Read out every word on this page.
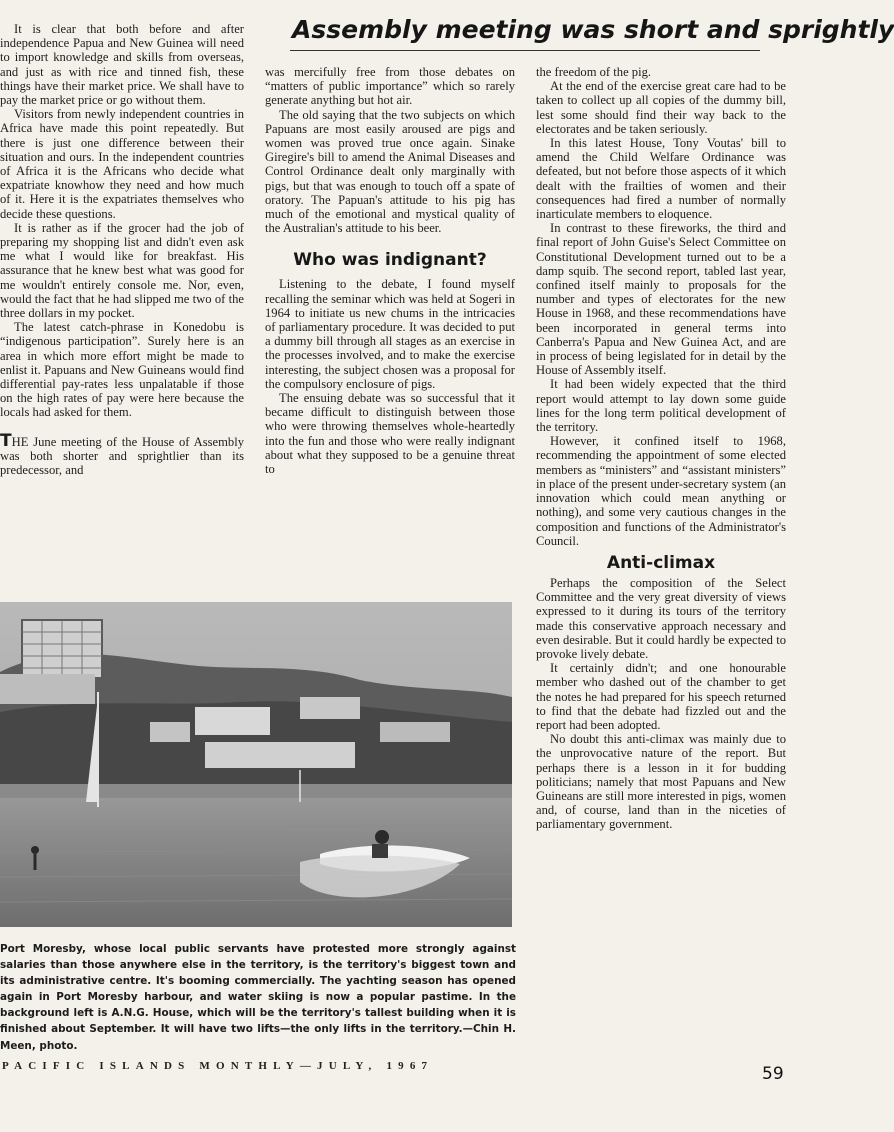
Assembly meeting was short and sprightly

It is clear that both before and after independence Papua and New Guinea will need to import knowledge and skills from overseas, and just as with rice and tinned fish, these things have their market price. We shall have to pay the market price or go without them.

Visitors from newly independent countries in Africa have made this point repeatedly. But there is just one difference between their situation and ours. In the independent countries of Africa it is the Africans who decide what expatriate knowhow they need and how much of it. Here it is the expatriates themselves who decide these questions.

It is rather as if the grocer had the job of preparing my shopping list and didn't even ask me what I would like for breakfast. His assurance that he knew best what was good for me wouldn't entirely console me. Nor, even, would the fact that he had slipped me two of the three dollars in my pocket.

The latest catch-phrase in Konedobu is “indigenous participation”. Surely here is an area in which more effort might be made to enlist it. Papuans and New Guineans would find differential pay-rates less unpalatable if those on the high rates of pay were here because the locals had asked for them.

THE June meeting of the House of Assembly was both shorter and sprightlier than its predecessor, and

was mercifully free from those debates on “matters of public importance” which so rarely generate anything but hot air.

The old saying that the two subjects on which Papuans are most easily aroused are pigs and women was proved true once again. Sinake Giregire's bill to amend the Animal Diseases and Control Ordinance dealt only marginally with pigs, but that was enough to touch off a spate of oratory. The Papuan's attitude to his pig has much of the emotional and mystical quality of the Australian's attitude to his beer.

Who was indignant?

Listening to the debate, I found myself recalling the seminar which was held at Sogeri in 1964 to initiate us new chums in the intricacies of parliamentary procedure. It was decided to put a dummy bill through all stages as an exercise in the processes involved, and to make the exercise interesting, the subject chosen was a proposal for the compulsory enclosure of pigs.

The ensuing debate was so successful that it became difficult to distinguish between those who were throwing themselves whole-heartedly into the fun and those who were really indignant about what they supposed to be a genuine threat to

the freedom of the pig.

At the end of the exercise great care had to be taken to collect up all copies of the dummy bill, lest some should find their way back to the electorates and be taken seriously.

In this latest House, Tony Voutas' bill to amend the Child Welfare Ordinance was defeated, but not before those aspects of it which dealt with the frailties of women and their consequences had fired a number of normally inarticulate members to eloquence.

In contrast to these fireworks, the third and final report of John Guise's Select Committee on Constitutional Development turned out to be a damp squib. The second report, tabled last year, confined itself mainly to proposals for the number and types of electorates for the new House in 1968, and these recommendations have been incorporated in general terms into Canberra's Papua and New Guinea Act, and are in process of being legislated for in detail by the House of Assembly itself.

It had been widely expected that the third report would attempt to lay down some guide lines for the long term political development of the territory.

However, it confined itself to 1968, recommending the appointment of some elected members as “ministers” and “assistant ministers” in place of the present under-secretary system (an innovation which could mean anything or nothing), and some very cautious changes in the composition and functions of the Administrator's Council.

Anti-climax

Perhaps the composition of the Select Committee and the very great diversity of views expressed to it during its tours of the territory made this conservative approach necessary and even desirable. But it could hardly be expected to provoke lively debate.

It certainly didn't; and one honourable member who dashed out of the chamber to get the notes he had prepared for his speech returned to find that the debate had fizzled out and the report had been adopted.

No doubt this anti-climax was mainly due to the unprovocative nature of the report. But perhaps there is a lesson in it for budding politicians; namely that most Papuans and New Guineans are still more interested in pigs, women and, of course, land than in the niceties of parliamentary government.

Port Moresby, whose local public servants have protested more strongly against salaries than those anywhere else in the territory, is the territory's biggest town and its administrative centre. It's booming commercially. The yachting season has opened again in Port Moresby harbour, and water skiing is now a popular pastime. In the background left is A.N.G. House, which will be the territory's tallest building when it is finished about September. It will have two lifts—the only lifts in the territory.—Chin H. Meen, photo.
PACIFIC ISLANDS MONTHLY—JULY, 1967	59
